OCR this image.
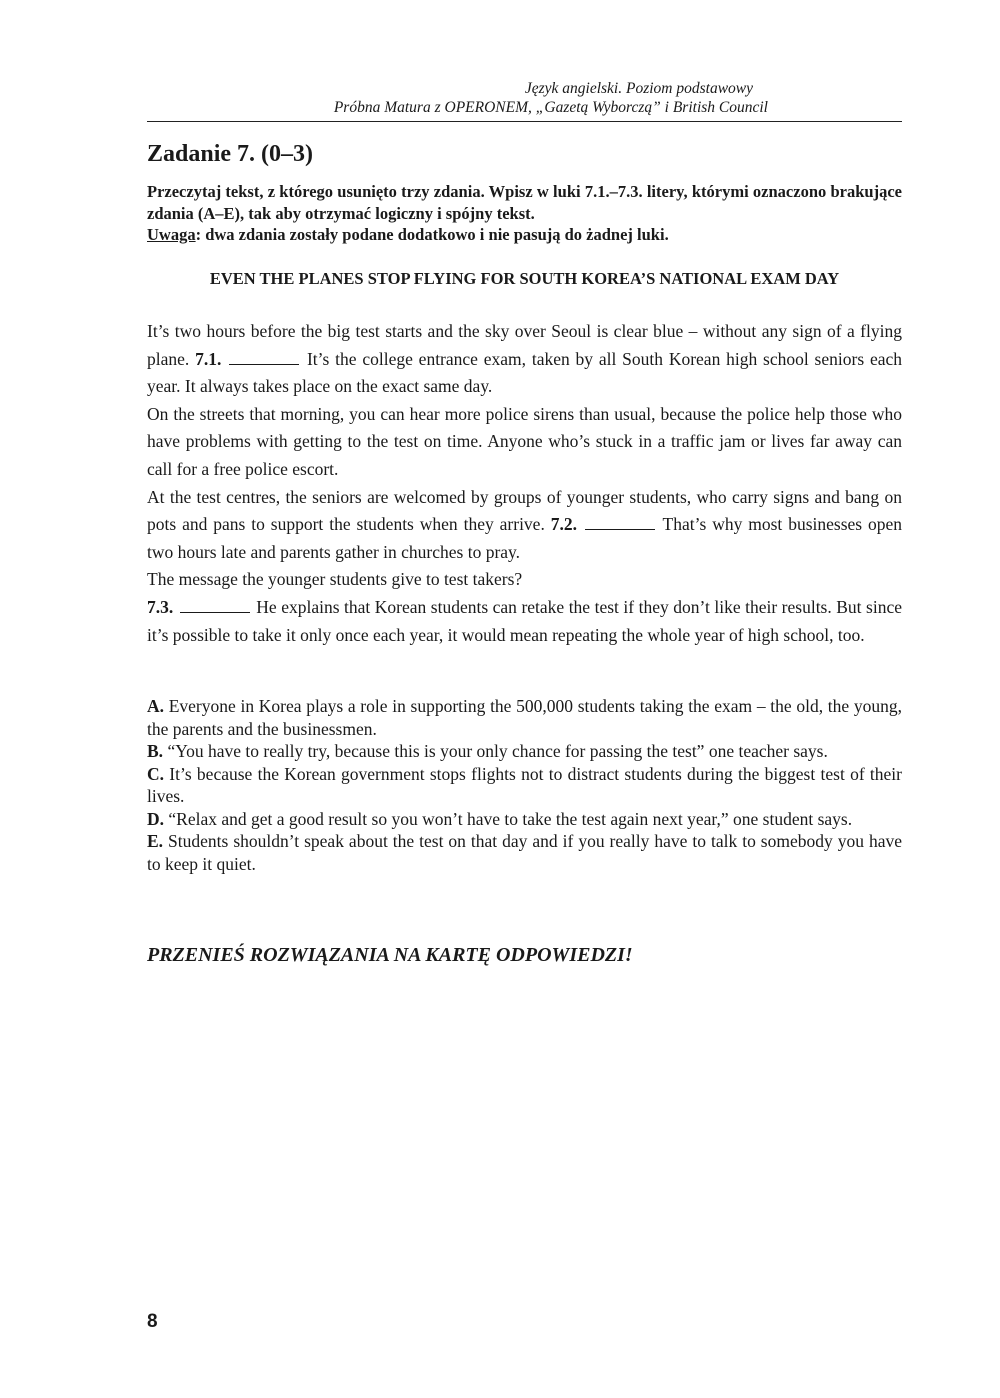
Język angielski. Poziom podstawowy
Próbna Matura z OPERONEM, „Gazetą Wyborczą” i British Council
Zadanie 7. (0–3)

Przeczytaj tekst, z którego usunięto trzy zdania. Wpisz w luki 7.1.–7.3. litery, którymi oznaczono brakujące zdania (A–E), tak aby otrzymać logiczny i spójny tekst.

Uwaga: dwa zdania zostały podane dodatkowo i nie pasują do żadnej luki.

EVEN THE PLANES STOP FLYING FOR SOUTH KOREA’S NATIONAL EXAM DAY

It’s two hours before the big test starts and the sky over Seoul is clear blue – without any sign of a flying plane. 7.1.	It’s the college entrance exam, taken by all South Korean high school seniors each year. It always takes place on the exact same day.

On the streets that morning, you can hear more police sirens than usual, because the police help those who have problems with getting to the test on time. Anyone who’s stuck in a traffic jam or lives far away can call for a free police escort.

At the test centres, the seniors are welcomed by groups of younger students, who carry signs and bang on pots and pans to support the students when they arrive. 7.2.	That’s why most businesses open two hours late and parents gather in churches to pray.

The message the younger students give to test takers?

7.3.	He explains that Korean students can retake the test if they don’t like their results. But since it’s possible to take it only once each year, it would mean repeating the whole year of high school, too.

A. Everyone in Korea plays a role in supporting the 500,000 students taking the exam – the old, the young, the parents and the businessmen.

B. “You have to really try, because this is your only chance for passing the test” one teacher says.

C. It’s because the Korean government stops flights not to distract students during the biggest test of their lives.

D. “Relax and get a good result so you won’t have to take the test again next year,” one student says.

E. Students shouldn’t speak about the test on that day and if you really have to talk to somebody you have to keep it quiet.

PRZENIEŚ ROZWIĄZANIA NA KARTĘ ODPOWIEDZI!
8
